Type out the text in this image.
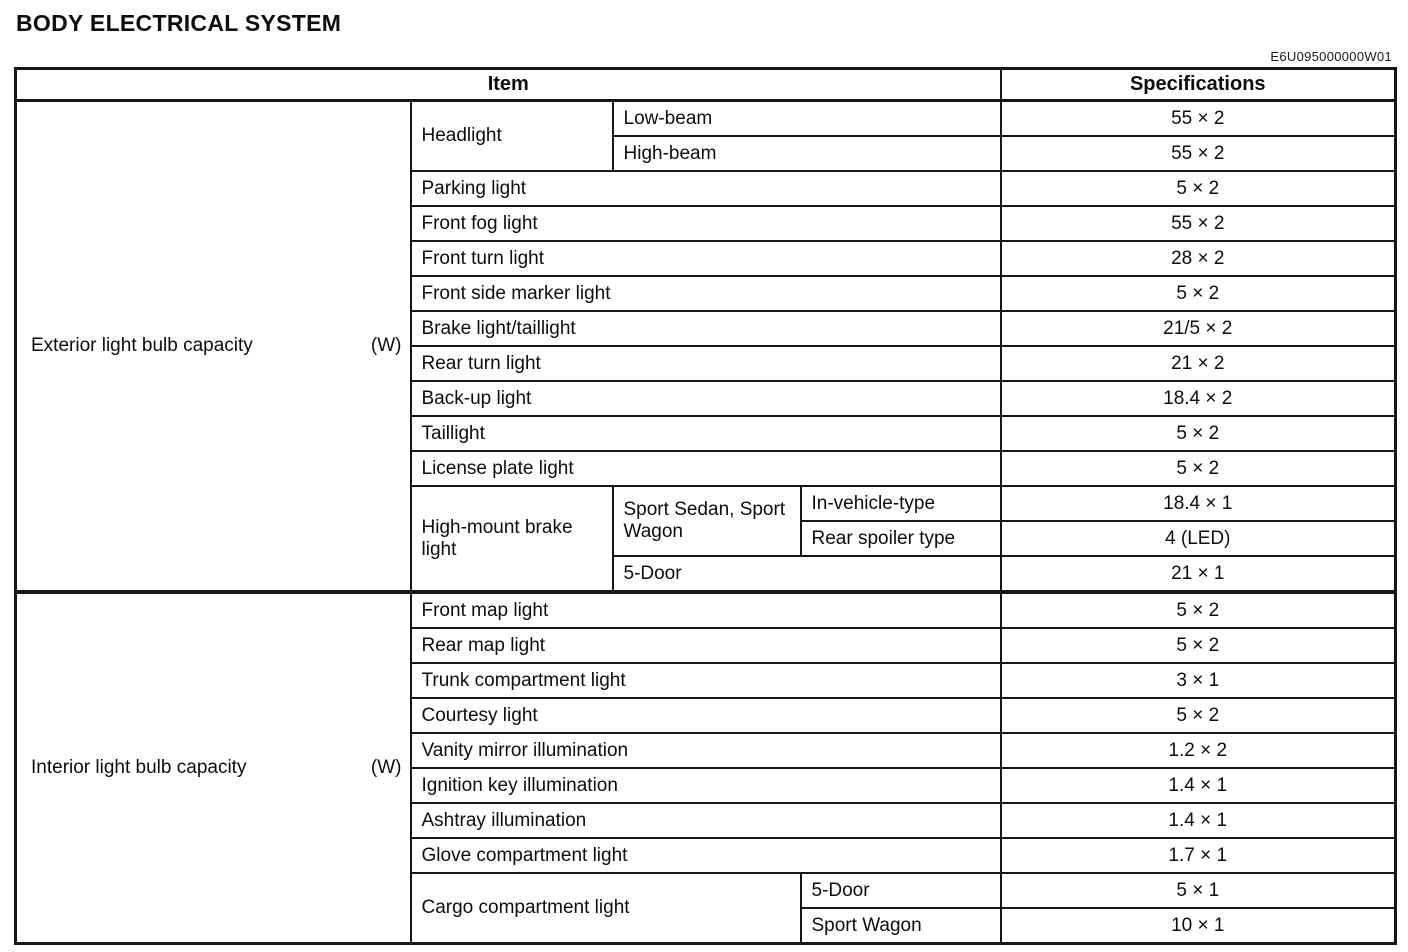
BODY ELECTRICAL SYSTEM
E6U095000000W01
Item				Specifications

Exterior light bulb capacity (W)	Headlight	Low-beam		55 × 2
		High-beam		55 × 2
	Parking light			5 × 2
	Front fog light			55 × 2
	Front turn light			28 × 2
	Front side marker light			5 × 2
	Brake light/taillight			21/5 × 2
	Rear turn light			21 × 2
	Back-up light			18.4 × 2
	Taillight			5 × 2
	License plate light			5 × 2
	High-mount brake light	Sport Sedan, Sport Wagon	In-vehicle-type	18.4 × 1
			Rear spoiler type	4 (LED)
		5-Door		21 × 1

Interior light bulb capacity (W)	Front map light			5 × 2
	Rear map light			5 × 2
	Trunk compartment light			3 × 1
	Courtesy light			5 × 2
	Vanity mirror illumination			1.2 × 2
	Ignition key illumination			1.4 × 1
	Ashtray illumination			1.4 × 1
	Glove compartment light			1.7 × 1
	Cargo compartment light		5-Door	5 × 1
			Sport Wagon	10 × 1
